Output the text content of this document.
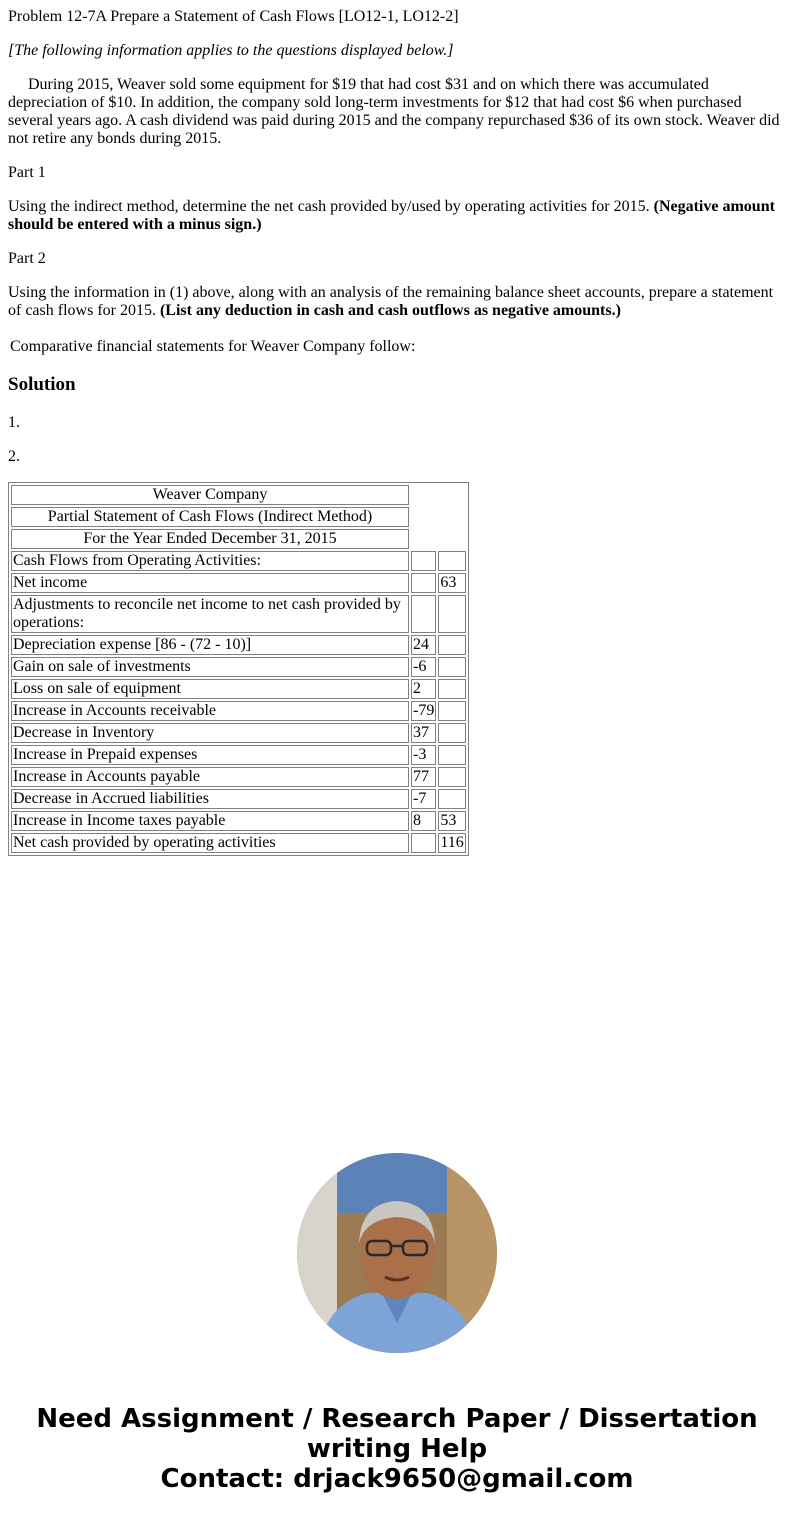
Problem 12-7A Prepare a Statement of Cash Flows [LO12-1, LO12-2]

[The following information applies to the questions displayed below.]

During 2015, Weaver sold some equipment for $19 that had cost $31 and on which there was accumulated depreciation of $10. In addition, the company sold long-term investments for $12 that had cost $6 when purchased several years ago. A cash dividend was paid during 2015 and the company repurchased $36 of its own stock. Weaver did not retire any bonds during 2015.

Part 1

Using the indirect method, determine the net cash provided by/used by operating activities for 2015. (Negative amount should be entered with a minus sign.)

Part 2

Using the information in (1) above, along with an analysis of the remaining balance sheet accounts, prepare a statement of cash flows for 2015. (List any deduction in cash and cash outflows as negative amounts.)

Comparative financial statements for Weaver Company follow:

Solution

1.

2.

Weaver Company		
Partial Statement of Cash Flows (Indirect Method)		
For the Year Ended December 31, 2015		
Cash Flows from Operating Activities:		
Net income		63
Adjustments to reconcile net income to net cash provided by operations:		
Depreciation expense [86 - (72 - 10)]	24	
Gain on sale of investments	-6	
Loss on sale of equipment	2	
Increase in Accounts receivable	-79	
Decrease in Inventory	37	
Increase in Prepaid expenses	-3	
Increase in Accounts payable	77	
Decrease in Accrued liabilities	-7	
Increase in Income taxes payable	8	53
Net cash provided by operating activities		116
Need Assignment / Research Paper / Dissertation
writing Help
Contact: drjack9650@gmail.com
